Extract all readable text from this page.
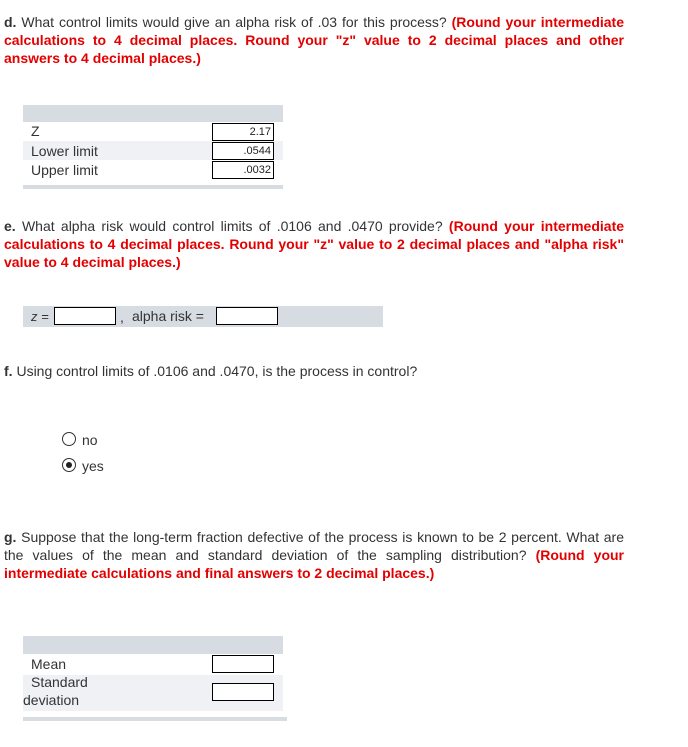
d. What control limits would give an alpha risk of .03 for this process? (Round your intermediate calculations to 4 decimal places. Round your "z" value to 2 decimal places and other answers to 4 decimal places.)
Z
Lower limit
Upper limit
2.17
.0544
.0032
e. What alpha risk would control limits of .0106 and .0470 provide? (Round your intermediate calculations to 4 decimal places. Round your "z" value to 2 decimal places and "alpha risk" value to 4 decimal places.)
z =	, alpha risk =
f. Using control limits of .0106 and .0470, is the process in control?
no
yes
g. Suppose that the long-term fraction defective of the process is known to be 2 percent. What are the values of the mean and standard deviation of the sampling distribution? (Round your intermediate calculations and final answers to 2 decimal places.)
Mean
Standard
deviation
